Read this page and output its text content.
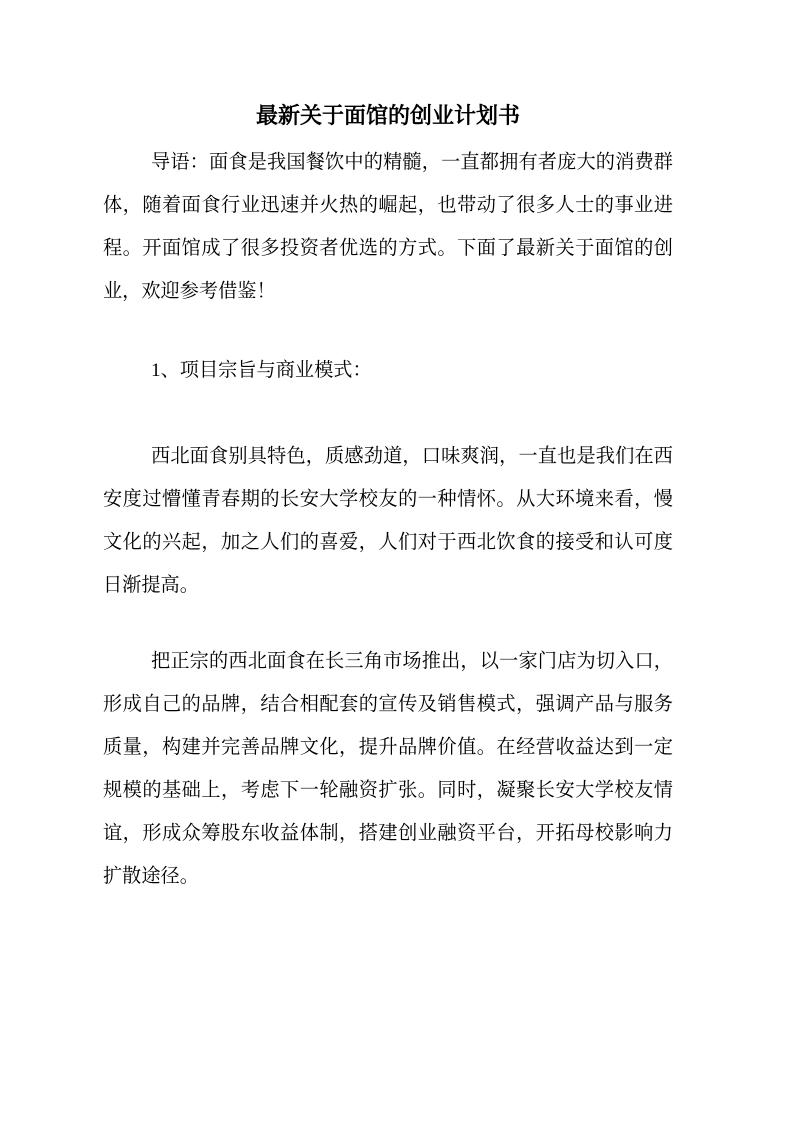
最新关于面馆的创业计划书

导语：面食是我国餐饮中的精髓，一直都拥有者庞大的消费群体，随着面食行业迅速并火热的崛起，也带动了很多人士的事业进程。开面馆成了很多投资者优选的方式。下面了最新关于面馆的创业，欢迎参考借鉴！

1、项目宗旨与商业模式：

西北面食别具特色，质感劲道，口味爽润，一直也是我们在西安度过懵懂青春期的长安大学校友的一种情怀。从大环境来看，慢文化的兴起，加之人们的喜爱，人们对于西北饮食的接受和认可度日渐提高。

把正宗的西北面食在长三角市场推出，以一家门店为切入口，形成自己的品牌，结合相配套的宣传及销售模式，强调产品与服务质量，构建并完善品牌文化，提升品牌价值。在经营收益达到一定规模的基础上，考虑下一轮融资扩张。同时，凝聚长安大学校友情谊，形成众筹股东收益体制，搭建创业融资平台，开拓母校影响力扩散途径。
